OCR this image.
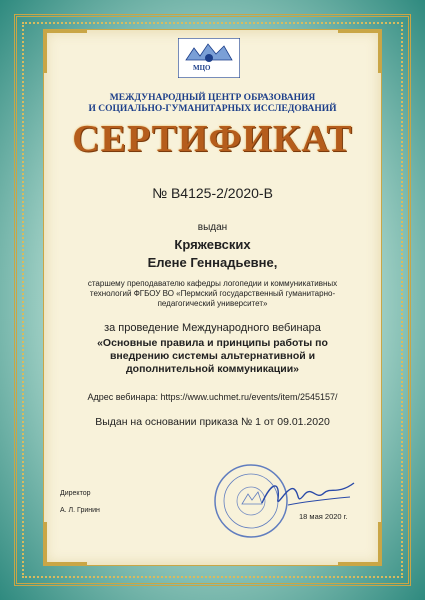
МЦО
МЕЖДУНАРОДНЫЙ ЦЕНТР ОБРАЗОВАНИЯ
И СОЦИАЛЬНО-ГУМАНИТАРНЫХ ИССЛЕДОВАНИЙ
СЕРТИФИКАТ
№ В4125-2/2020-В
выдан
Кряжевских
Елене Геннадьевне,
старшему преподавателю кафедры логопедии и коммуникативных технологий ФГБОУ ВО «Пермский государственный гуманитарно-педагогический университет»
за проведение Международного вебинара
«Основные правила и принципы работы по внедрению системы альтернативной и дополнительной коммуникации»
Адрес вебинара: https://www.uchmet.ru/events/item/2545157/
Выдан на основании приказа № 1 от 09.01.2020
Директор
А. Л. Гринин
18 мая 2020 г.
